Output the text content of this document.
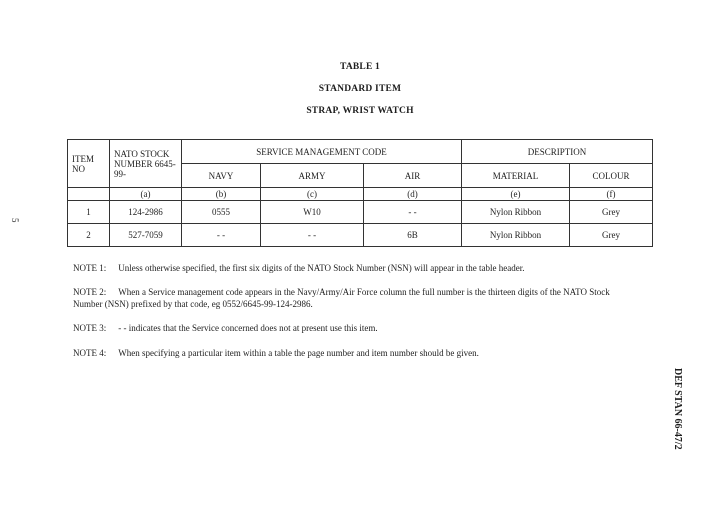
TABLE 1
STANDARD ITEM
STRAP, WRIST WATCH
ITEM NO	NATO STOCK NUMBER 6645-99-	SERVICE MANAGEMENT CODE			DESCRIPTION	
		NAVY	ARMY	AIR	MATERIAL	COLOUR
	(a)	(b)	(c)	(d)	(e)	(f)
1	124-2986	0555	W10	- -	Nylon Ribbon	Grey
2	527-7059	- -	- -	6B	Nylon Ribbon	Grey
NOTE 1: Unless otherwise specified, the first six digits of the NATO Stock Number (NSN) will appear in the table header.
NOTE 2: When a Service management code appears in the Navy/Army/Air Force column the full number is the thirteen digits of the NATO Stock Number (NSN) prefixed by that code, eg 0552/6645-99-124-2986.
NOTE 3: - - indicates that the Service concerned does not at present use this item.
NOTE 4: When specifying a particular item within a table the page number and item number should be given.
5
DEF STAN 66-47/2
